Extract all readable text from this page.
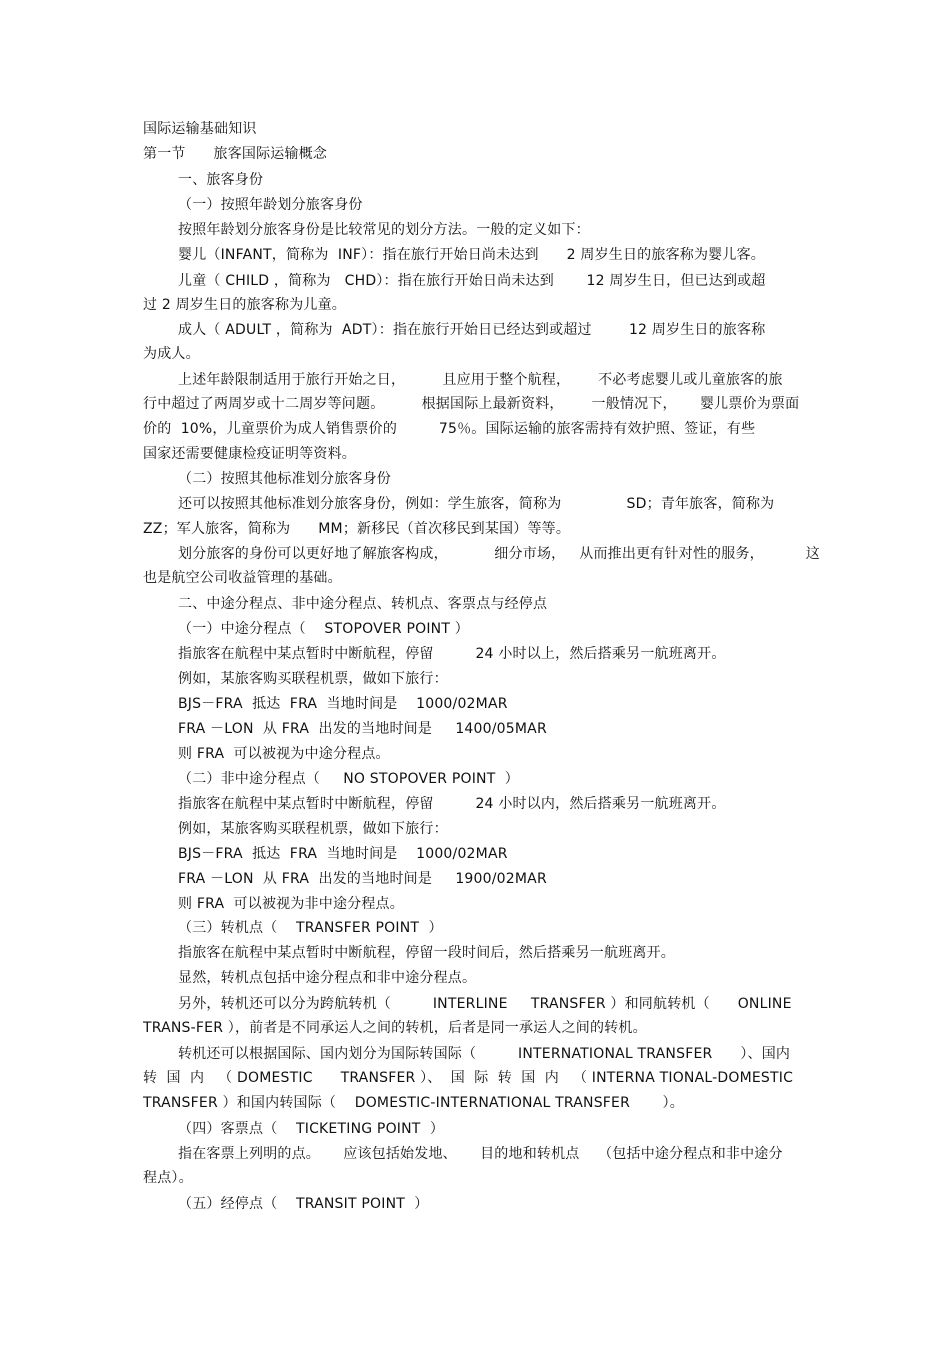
国际运输基础知识
第一节      旅客国际运输概念
一、旅客身份
（一）按照年龄划分旅客身份
按照年龄划分旅客身份是比较常见的划分方法。一般的定义如下：
婴儿（INFANT，简称为  INF）：指在旅行开始日尚未达到      2 周岁生日的旅客称为婴儿客。
儿童（ CHILD ，简称为   CHD）：指在旅行开始日尚未达到       12 周岁生日，但已达到或超
过 2 周岁生日的旅客称为儿童。
成人（ ADULT ，简称为  ADT）：指在旅行开始日已经达到或超过        12 周岁生日的旅客称
为成人。
上述年龄限制适用于旅行开始之日，        且应用于整个航程，      不必考虑婴儿或儿童旅客的旅
行中超过了两周岁或十二周岁等问题。        根据国际上最新资料，      一般情况下，     婴儿票价为票面
价的  10%，儿童票价为成人销售票价的         75％。国际运输的旅客需持有效护照、签证，有些
国家还需要健康检疫证明等资料。
（二）按照其他标准划分旅客身份
还可以按照其他标准划分旅客身份，例如：学生旅客，简称为              SD；青年旅客，简称为
ZZ；军人旅客，简称为      MM；新移民（首次移民到某国）等等。
划分旅客的身份可以更好地了解旅客构成，          细分市场，   从而推出更有针对性的服务，         这
也是航空公司收益管理的基础。
二、中途分程点、非中途分程点、转机点、客票点与经停点
（一）中途分程点（    STOPOVER POINT ）
指旅客在航程中某点暂时中断航程，停留         24 小时以上，然后搭乘另一航班离开。
例如，某旅客购买联程机票，做如下旅行：
BJS－FRA  抵达  FRA  当地时间是    1000/02MAR
FRA －LON  从 FRA  出发的当地时间是     1400/05MAR
则 FRA  可以被视为中途分程点。
（二）非中途分程点（     NO STOPOVER POINT  ）
指旅客在航程中某点暂时中断航程，停留         24 小时以内，然后搭乘另一航班离开。
例如，某旅客购买联程机票，做如下旅行：
BJS－FRA  抵达  FRA  当地时间是    1000/02MAR
FRA －LON  从 FRA  出发的当地时间是     1900/02MAR
则 FRA  可以被视为非中途分程点。
（三）转机点（    TRANSFER POINT  ）
指旅客在航程中某点暂时中断航程，停留一段时间后，然后搭乘另一航班离开。
显然，转机点包括中途分程点和非中途分程点。
另外，转机还可以分为跨航转机（         INTERLINE     TRANSFER ）和同航转机（      ONLINE
TRANS-FER ），前者是不同承运人之间的转机，后者是同一承运人之间的转机。
转机还可以根据国际、国内划分为国际转国际（         INTERNATIONAL TRANSFER      ）、国内
转  国  内   （ DOMESTIC      TRANSFER ）、  国  际  转  国  内   （ INTERNA TIONAL-DOMESTIC
TRANSFER ）和国内转国际（    DOMESTIC-INTERNATIONAL TRANSFER       ）。
（四）客票点（    TICKETING POINT  ）
指在客票上列明的点。     应该包括始发地、     目的地和转机点    （包括中途分程点和非中途分
程点）。
（五）经停点（    TRANSIT POINT  ）
